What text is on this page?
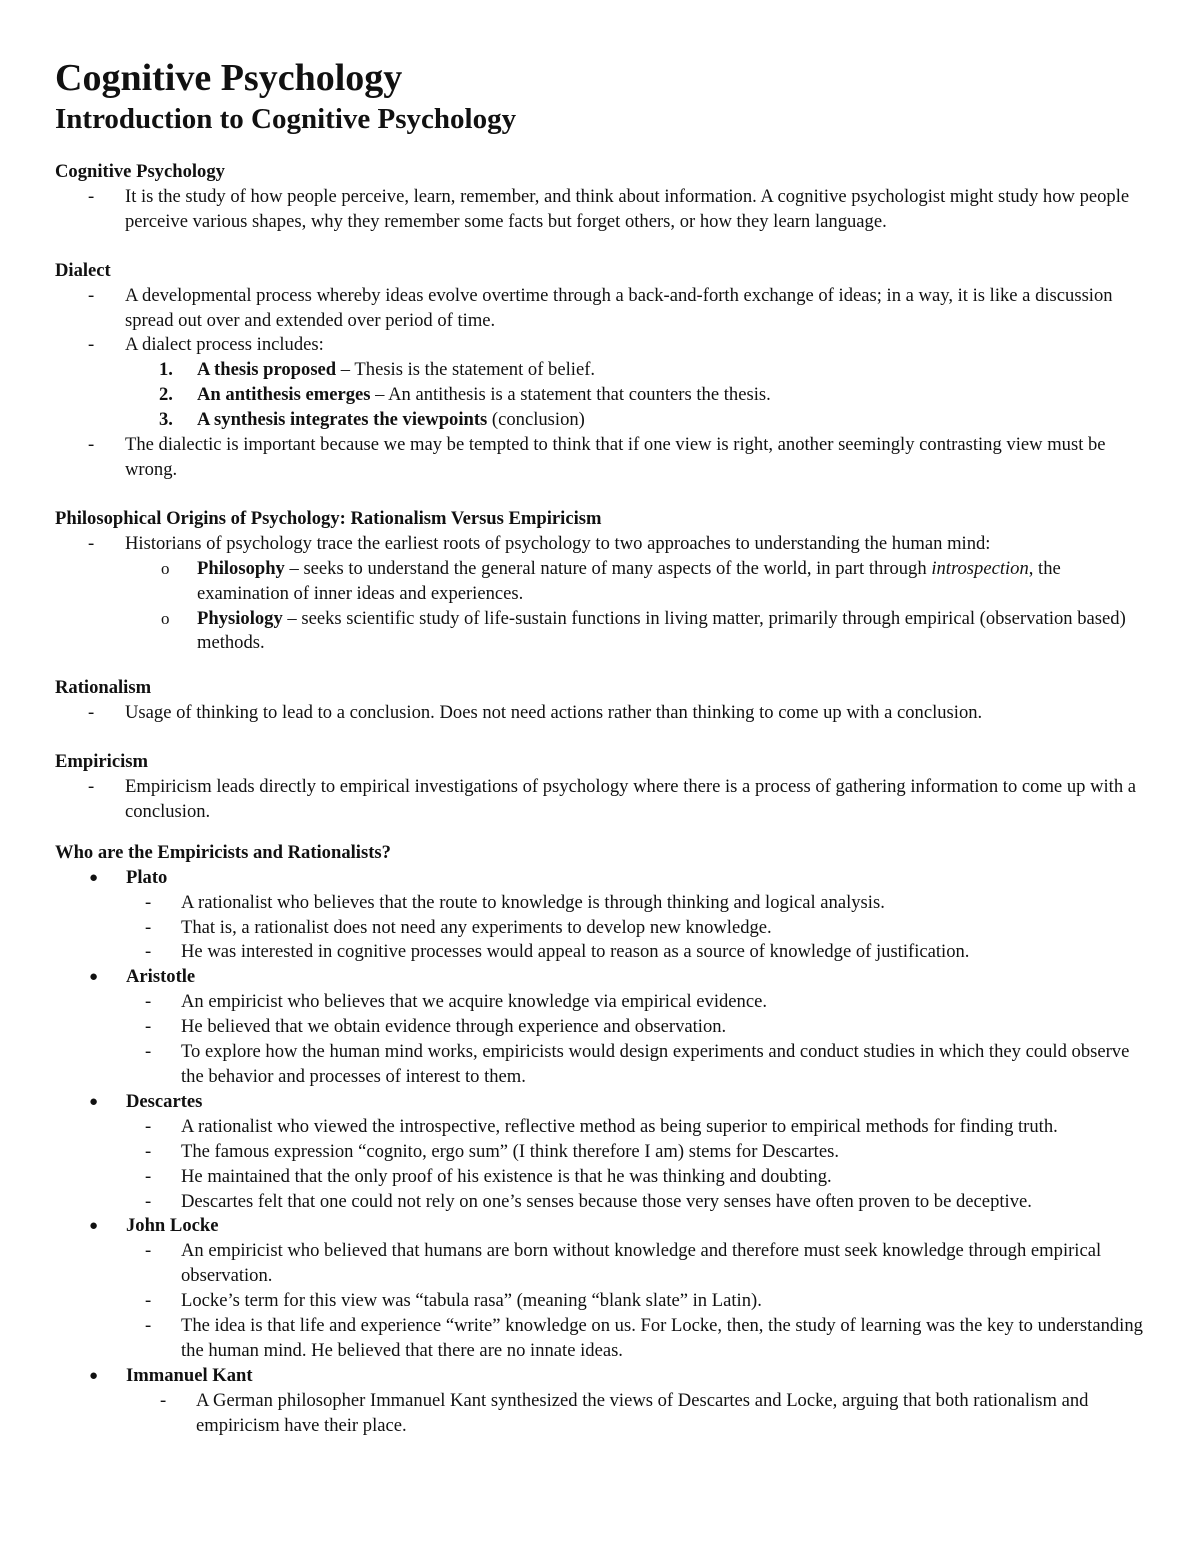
Cognitive Psychology
Introduction to Cognitive Psychology

Cognitive Psychology

- It is the study of how people perceive, learn, remember, and think about information. A cognitive psychologist might study how people perceive various shapes, why they remember some facts but forget others, or how they learn language.

Dialect

- A developmental process whereby ideas evolve overtime through a back-and-forth exchange of ideas; in a way, it is like a discussion spread out over and extended over period of time.
- A dialect process includes:
1. A thesis proposed – Thesis is the statement of belief.
2. An antithesis emerges – An antithesis is a statement that counters the thesis.
3. A synthesis integrates the viewpoints (conclusion)
- The dialectic is important because we may be tempted to think that if one view is right, another seemingly contrasting view must be wrong.

Philosophical Origins of Psychology: Rationalism Versus Empiricism

- Historians of psychology trace the earliest roots of psychology to two approaches to understanding the human mind:
o Philosophy – seeks to understand the general nature of many aspects of the world, in part through introspection, the examination of inner ideas and experiences.
o Physiology – seeks scientific study of life-sustain functions in living matter, primarily through empirical (observation based) methods.

Rationalism

- Usage of thinking to lead to a conclusion. Does not need actions rather than thinking to come up with a conclusion.

Empiricism

- Empiricism leads directly to empirical investigations of psychology where there is a process of gathering information to come up with a conclusion.

Who are the Empiricists and Rationalists?

● Plato
- A rationalist who believes that the route to knowledge is through thinking and logical analysis.
- That is, a rationalist does not need any experiments to develop new knowledge.
- He was interested in cognitive processes would appeal to reason as a source of knowledge of justification.
● Aristotle
- An empiricist who believes that we acquire knowledge via empirical evidence.
- He believed that we obtain evidence through experience and observation.
- To explore how the human mind works, empiricists would design experiments and conduct studies in which they could observe the behavior and processes of interest to them.
● Descartes
- A rationalist who viewed the introspective, reflective method as being superior to empirical methods for finding truth.
- The famous expression “cognito, ergo sum” (I think therefore I am) stems for Descartes.
- He maintained that the only proof of his existence is that he was thinking and doubting.
- Descartes felt that one could not rely on one’s senses because those very senses have often proven to be deceptive.
● John Locke
- An empiricist who believed that humans are born without knowledge and therefore must seek knowledge through empirical observation.
- Locke’s term for this view was “tabula rasa” (meaning “blank slate” in Latin).
- The idea is that life and experience “write” knowledge on us. For Locke, then, the study of learning was the key to understanding the human mind. He believed that there are no innate ideas.
● Immanuel Kant
- A German philosopher Immanuel Kant synthesized the views of Descartes and Locke, arguing that both rationalism and empiricism have their place.
